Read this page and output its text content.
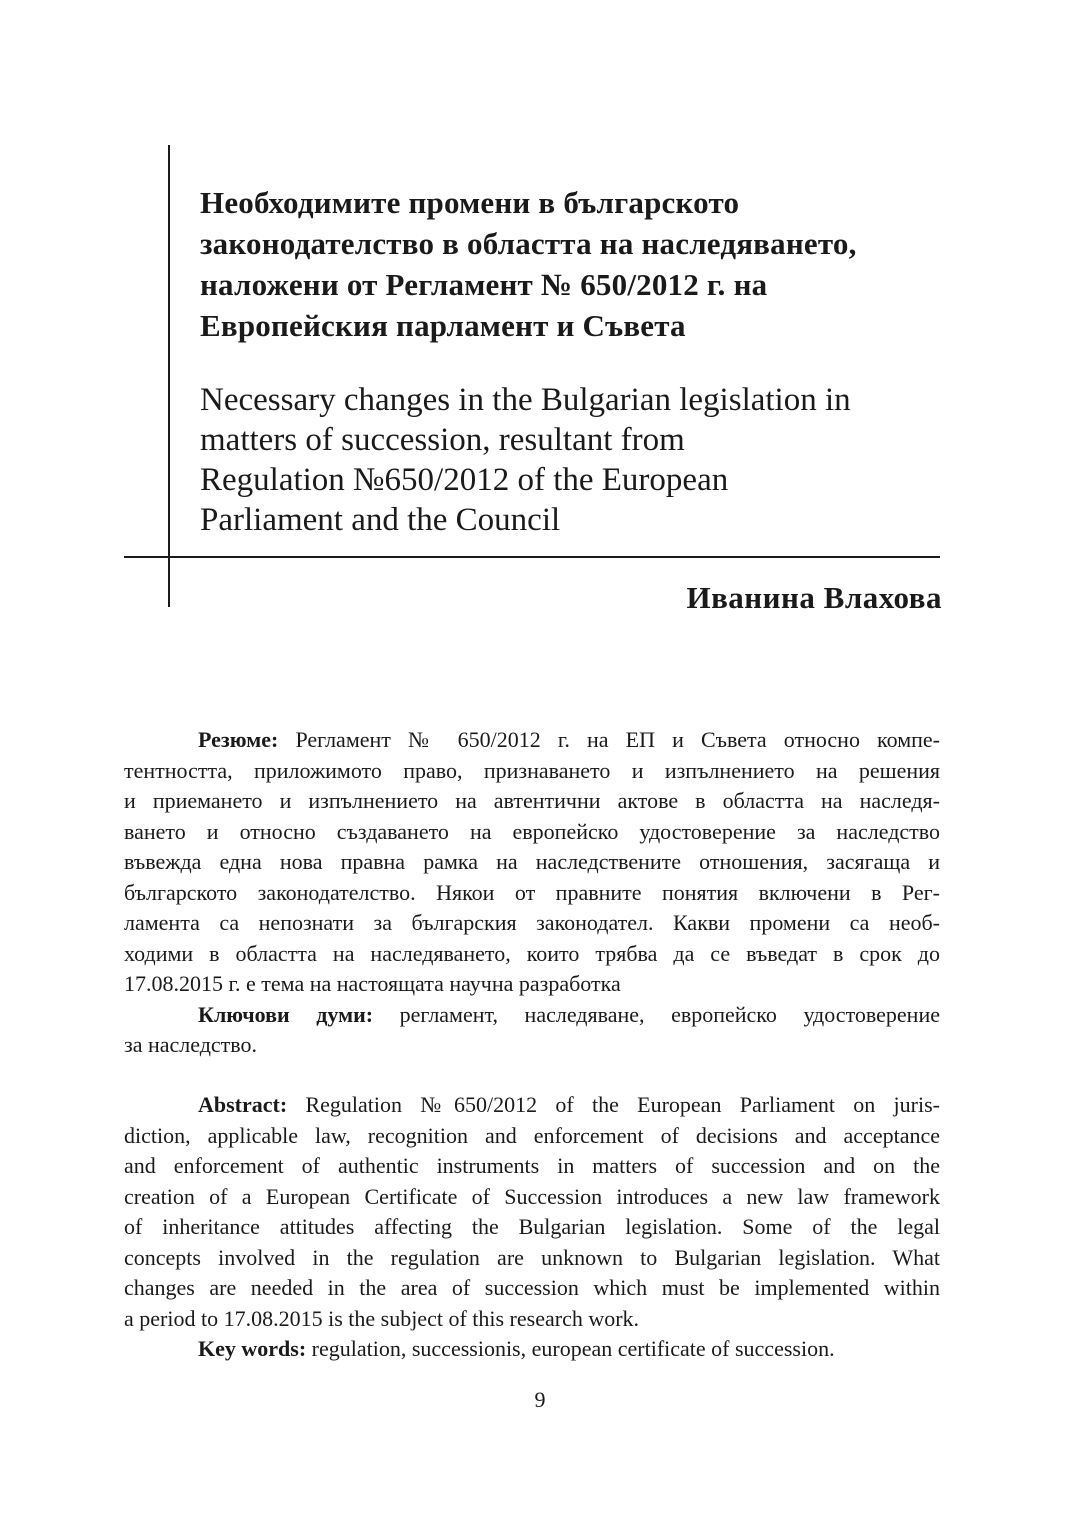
Необходимите промени в българското
законодателство в областта на наследяването,
наложени от Регламент № 650/2012 г. на
Европейския парламент и Съвета
Necessary changes in the Bulgarian legislation in
matters of succession, resultant from
Regulation №650/2012 of the European
Parliament and the Council

Иванина Влахова

Резюме: Регламент № 650/2012 г. на ЕП и Съвета относно компе-
тентността, приложимото право, признаването и изпълнението на решения
и приемането и изпълнението на автентични актове в областта на наследя-
ването и относно създаването на европейско удостоверение за наследство
въвежда една нова правна рамка на наследствените отношения, засягаща и
българското законодателство. Някои от правните понятия включени в Рег-
ламента са непознати за българския законодател. Какви промени са необ-
ходими в областта на наследяването, които трябва да се въведат в срок до
17.08.2015 г. е тема на настоящата научна разработка

Ключови думи: регламент, наследяване, европейско удостоверение
за наследство.

Abstract: Regulation №650/2012 of the European Parliament on juris-
diction, applicable law, recognition and enforcement of decisions and acceptance
and enforcement of authentic instruments in matters of succession and on the
creation of a European Certificate of Succession introduces a new law framework
of inheritance attitudes affecting the Bulgarian legislation. Some of the legal
concepts involved in the regulation are unknown to Bulgarian legislation. What
changes are needed in the area of succession which must be implemented within
a period to 17.08.2015 is the subject of this research work.

Key words: regulation, successionis, european certificate of succession.

9
